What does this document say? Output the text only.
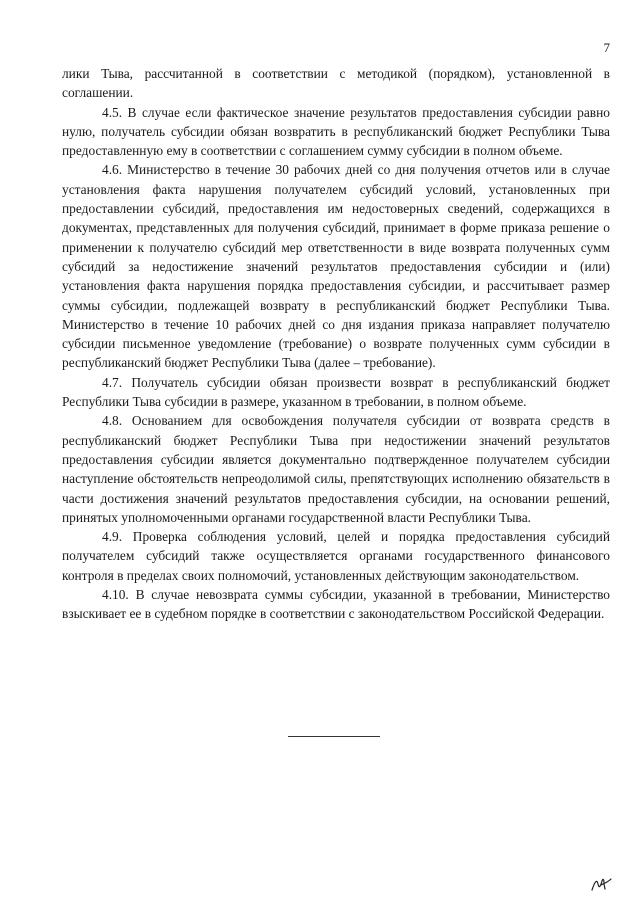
7

лики Тыва, рассчитанной в соответствии с методикой (порядком), установленной в соглашении.

4.5. В случае если фактическое значение результатов предоставления субсидии равно нулю, получатель субсидии обязан возвратить в республиканский бюджет Республики Тыва предоставленную ему в соответствии с соглашением сумму субсидии в полном объеме.

4.6. Министерство в течение 30 рабочих дней со дня получения отчетов или в случае установления факта нарушения получателем субсидий условий, установленных при предоставлении субсидий, предоставления им недостоверных сведений, содержащихся в документах, представленных для получения субсидий, принимает в форме приказа решение о применении к получателю субсидий мер ответственности в виде возврата полученных сумм субсидий за недостижение значений результатов предоставления субсидии и (или) установления факта нарушения порядка предоставления субсидии, и рассчитывает размер суммы субсидии, подлежащей возврату в республиканский бюджет Республики Тыва. Министерство в течение 10 рабочих дней со дня издания приказа направляет получателю субсидии письменное уведомление (требование) о возврате полученных сумм субсидии в республиканский бюджет Республики Тыва (далее – требование).

4.7. Получатель субсидии обязан произвести возврат в республиканский бюджет Республики Тыва субсидии в размере, указанном в требовании, в полном объеме.

4.8. Основанием для освобождения получателя субсидии от возврата средств в республиканский бюджет Республики Тыва при недостижении значений результатов предоставления субсидии является документально подтвержденное получателем субсидии наступление обстоятельств непреодолимой силы, препятствующих исполнению обязательств в части достижения значений результатов предоставления субсидии, на основании решений, принятых уполномоченными органами государственной власти Республики Тыва.

4.9. Проверка соблюдения условий, целей и порядка предоставления субсидий получателем субсидий также осуществляется органами государственного финансового контроля в пределах своих полномочий, установленных действующим законодательством.

4.10. В случае невозврата суммы субсидии, указанной в требовании, Министерство взыскивает ее в судебном порядке в соответствии с законодательством Российской Федерации.
